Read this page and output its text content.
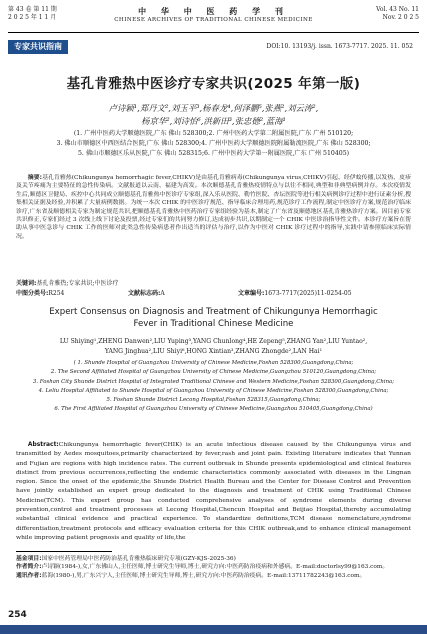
第 43 卷 第 11 期
2 0 2 5 年 1 1 月
中 华 中 医 药 学 刊
CHINESE ARCHIVES OF TRADITIONAL CHINESE MEDICINE
Vol. 43 No. 11
Nov. 2 0 2 5
专家共识指南	DOI:10. 13193/j. issn. 1673-7717. 2025. 11. 052
基孔肯雅热中医诊疗专家共识(2025 年第一版)
卢诗颖¹,郑丹文²,刘玉平³,杨春龙⁴,何泽鹏⁵,张燕²,刘云涛²,
杨京华²,刘诗怡⁶,洪新田³,张忠德²,蓝海¹
(1. 广州中医药大学顺德医院,广东 佛山 528300;2. 广州中医药大学第二附属医院,广东 广州 510120;
3. 佛山市顺德区中西医结合医院,广东 佛山 528300;4. 广州中医药大学顺德医院附属勒流医院,广东 佛山 528300;
5. 佛山市顺德区乐从医院,广东 佛山 528315;6. 广州中医药大学第一附属医院,广东 广州 510405)
摘要:基孔肯雅热(Chikungunya hemorrhagic fever,CHIKV)是由基孔肯雅病毒(Chikungunya virus,CHIKV)引起、经伊蚊传播,以发热、皮疹及关节疼痛为主要特征的急性传染病。文献报道以云南、福建为高发。本次顺德基孔肯雅热疫情特点与以往不相同,典型和非典型病例并存。本次疫情发生后,顺德区卫健局、疾控中心共同成立顺德基孔肯雅热中医诊疗专家组,深入乐从医院、勒竹医院、杏坛医院等进行相关病例诊疗过程中进行证素分析,搜集相关证据及经验,并积累了大量病例数据。为统一本次 CHIK 的中医诊疗规范、指导临床合理用药,规范诊疗工作流程,制定中医诊疗方案,规范治疗临床诊疗,广东省及顺德相关专家为制定规范共识,把顺德基孔肯雅热中医药治疗专家组经验为基本,制定了广东省及顺德地区基孔肯雅热诊疗方案。因目前专家共识修正,专家们经过 3 次线上线下讨论及投票,经过专家们的共同努力修订,达成初步共识,以期制定一个 CHIK 中医诊治指导性文件。本诊疗方案旨在帮助从事中医急诊与 CHIK 工作的医师对此类急性传染病患者作出适当的评估与治疗,以作为中医对 CHIK 诊疗过程中的指导,实践中请参照临床实际情况。
关键词:基孔肯雅热;专家共识;中医诊疗
中图分类号:R254	文献标志码:A	文章编号:1673-7717(2025)11-0254-05
Expert Consensus on Diagnosis and Treatment of Chikungunya Hemorrhagic
Fever in Traditional Chinese Medicine
LU Shiying¹,ZHENG Danwen²,LIU Yuping³,YANG Chunlong⁴,HE Zepeng⁵,ZHANG Yan²,LIU Yuntao²,
YANG Jinghua²,LIU Shiyi⁶,HONG Xintian³,ZHANG Zhongde²,LAN Hai¹
( 1. Shunde Hospital of Guangzhou University of Chinese Medicine,Foshan 528300,Guangdong,China;
2. The Second Affiliated Hospital of Guangzhou University of Chinese Medicine,Guangzhou 510120,Guangdong,China;
3. Foshan City Shunde District Hospital of Integrated Traditional Chinese and Western Medicine,Foshan 528300,Guangdong,China;
4. Leliu Hospital Affiliated to Shunde Hospital of Guangzhou University of Chinese Medicine,Foshan 528300,Guangdong,China;
5. Foshan Shunde District Lecong Hospital,Foshan 528315,Guangdong,China;
6. The First Affiliated Hospital of Guangzhou University of Chinese Medicine,Guangzhou 510405,Guangdong,China)
Abstract:Chikungunya hemorrhagic fever(CHIK) is an acute infectious disease caused by the Chikungunya virus and transmitted by Aedes mosquitoes,primarily characterized by fever,rash and joint pain. Existing literature indicates that Yunnan and Fujian are regions with high incidence rates. The current outbreak in Shunde presents epidemiological and clinical features distinct from previous occurrences,reflecting the endemic characteristics commonly associated with diseases in the Lingnan region. Since the onset of the epidemic,the Shunde District Health Bureau and the Center for Disease Control and Prevention have jointly established an expert group dedicated to the diagnosis and treatment of CHIK using Traditional Chinese Medicine(TCM). This expert group has conducted comprehensive analyses of syndrome elements during diverse prevention,control and treatment processes at Lecong Hospital,Chencun Hospital and Beijiao Hospital,thereby accumulating substantial clinical evidence and practical experience. To standardize definitions,TCM disease nomenclature,syndrome differentiation,treatment protocols and efficacy evaluation criteria for this CHIK outbreak,and to enhance clinical management while improving patient prognosis and quality of life,the
基金项目:国家中医药管理局中医药防治基孔肯雅热临床研究专项(GZY-KJS-2025-36)
作者简介:卢诗颖(1984-),女,广东佛山人,主任医师,博士研究生导师,博士,研究方向:中医药防治疫病和外感病。E-mail:doctorlsy99@163.com。
通讯作者:蓝海(1980-),男,广东兴宁人,主任医师,博士研究生导师,博士,研究方向:中医药防治疫病。E-mail:13711782243@163.com。
254
